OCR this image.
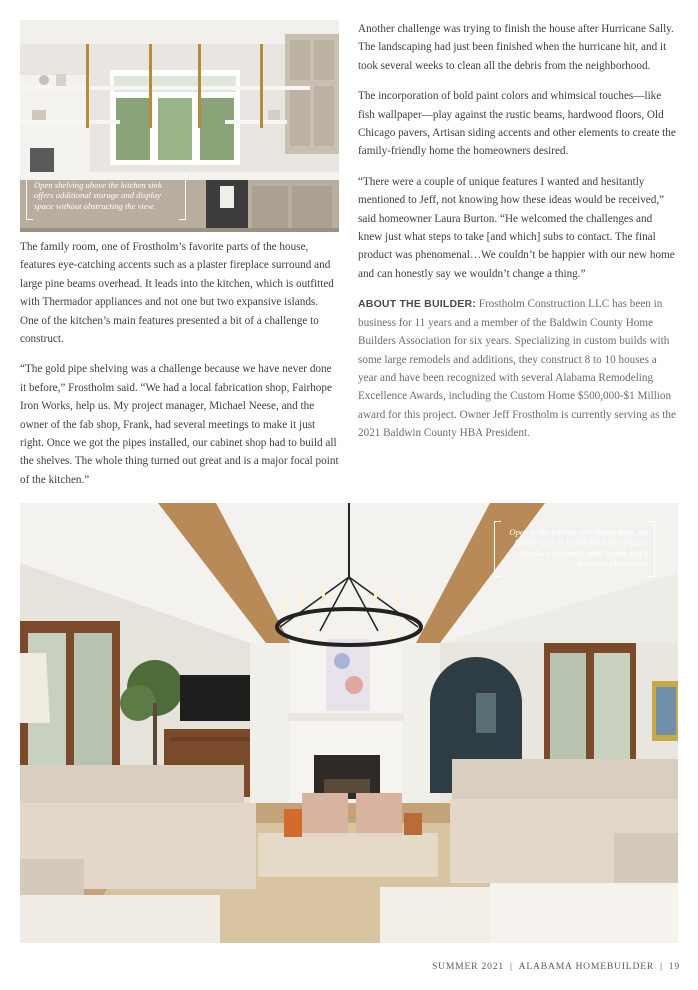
Open shelving above the kitchen sink offers additional storage and display space without obstructing the view.

The family room, one of Frostholm’s favorite parts of the house, features eye-catching accents such as a plaster fireplace surround and large pine beams overhead. It leads into the kitchen, which is outfitted with Thermador appliances and not one but two expansive islands. One of the kitchen’s main features presented a bit of a challenge to construct.

“The gold pipe shelving was a challenge because we have never done it before,” Frostholm said. “We had a local fabrication shop, Fairhope Iron Works, help us. My project manager, Michael Neese, and the owner of the fab shop, Frank, had several meetings to make it just right. Once we got the pipes installed, our cabinet shop had to build all the shelves. The whole thing turned out great and is a major focal point of the kitchen.”

Another challenge was trying to finish the house after Hurricane Sally. The landscaping had just been finished when the hurricane hit, and it took several weeks to clean all the debris from the neighborhood.

The incorporation of bold paint colors and whimsical touches—like fish wallpaper—play against the rustic beams, hardwood floors, Old Chicago pavers, Artisan siding accents and other elements to create the family-friendly home the homeowners desired.

“There were a couple of unique features I wanted and hesitantly mentioned to Jeff, not knowing how these ideas would be received,” said homeowner Laura Burton. “He welcomed the challenges and knew just what steps to take [and which] subs to contact. The final product was phenomenal…We couldn’t be happier with our new home and can honestly say we wouldn’t change a thing.”

ABOUT THE BUILDER: Frostholm Construction LLC has been in business for 11 years and a member of the Baldwin County Home Builders Association for six years. Specializing in custom builds with some large remodels and additions, they construct 8 to 10 houses a year and have been recognized with several Alabama Remodeling Excellence Awards, including the Custom Home $500,000-$1 Million award for this project. Owner Jeff Frostholm is currently serving as the 2021 Baldwin County HBA President.

Open to the kitchen and dining area, the family room is highlighted by a plaster fireplace surround, pine beams and a dramatic chandelier.
SUMMER 2021 | ALABAMA HOMEBUILDER | 19
